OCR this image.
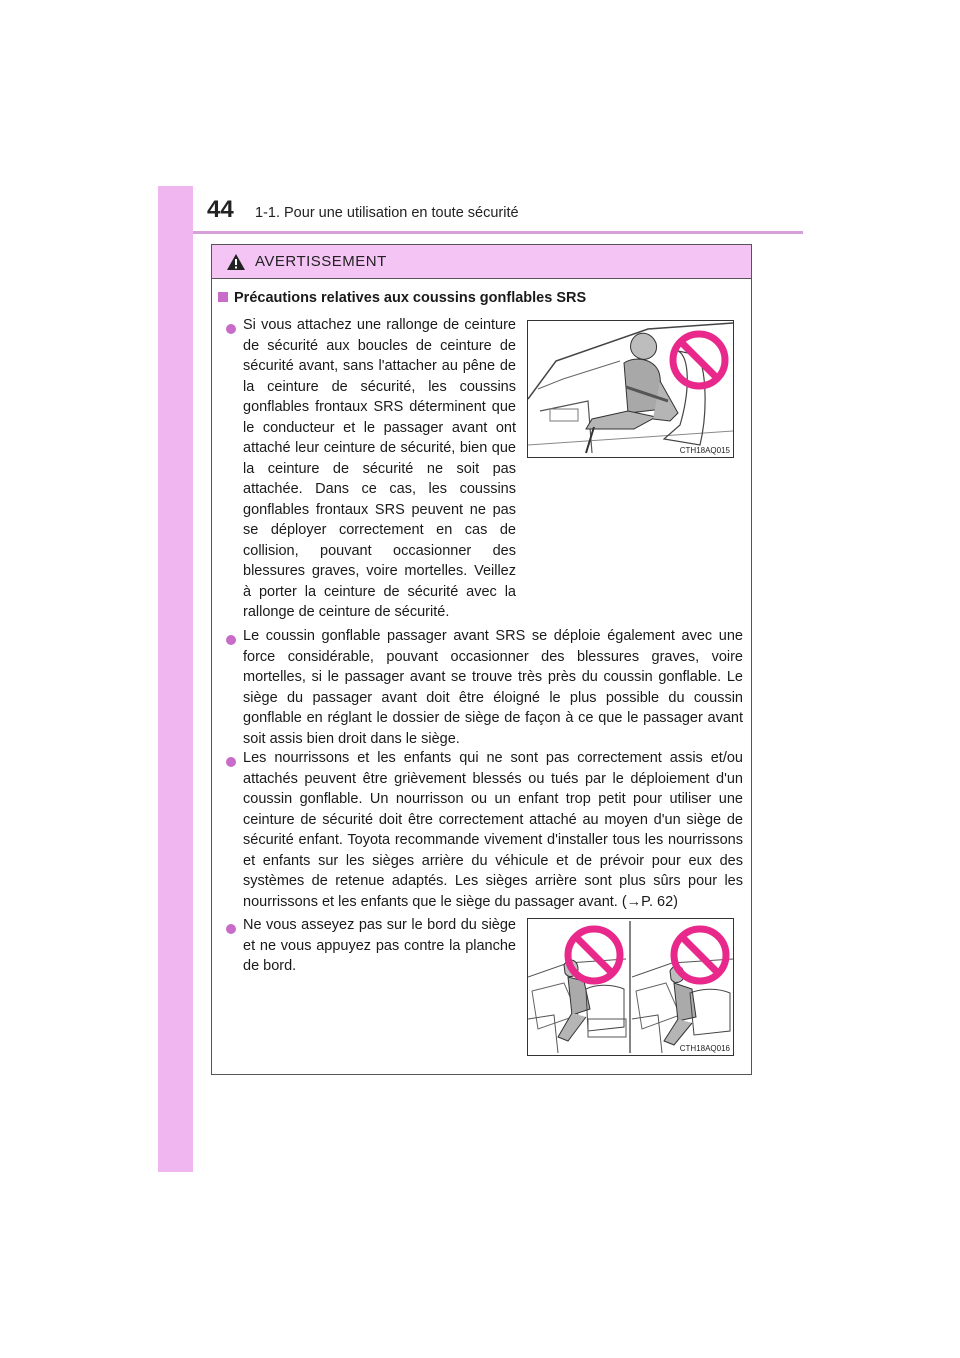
44 1-1. Pour une utilisation en toute sécurité
AVERTISSEMENT
Précautions relatives aux coussins gonflables SRS
Si vous attachez une rallonge de ceinture de sécurité aux boucles de ceinture de sécurité avant, sans l'attacher au pêne de la ceinture de sécurité, les coussins gonflables frontaux SRS déterminent que le conducteur et le passager avant ont attaché leur ceinture de sécurité, bien que la ceinture de sécurité ne soit pas attachée. Dans ce cas, les coussins gonflables frontaux SRS peuvent ne pas se déployer correctement en cas de collision, pouvant occasionner des blessures graves, voire mortelles. Veillez à porter la ceinture de sécurité avec la rallonge de ceinture de sécurité.
CTH18AQ015
Le coussin gonflable passager avant SRS se déploie également avec une force considérable, pouvant occasionner des blessures graves, voire mortelles, si le passager avant se trouve très près du coussin gonflable. Le siège du passager avant doit être éloigné le plus possible du coussin gonflable en réglant le dossier de siège de façon à ce que le passager avant soit assis bien droit dans le siège.
Les nourrissons et les enfants qui ne sont pas correctement assis et/ou attachés peuvent être grièvement blessés ou tués par le déploiement d'un coussin gonflable. Un nourrisson ou un enfant trop petit pour utiliser une ceinture de sécurité doit être correctement attaché au moyen d'un siège de sécurité enfant. Toyota recommande vivement d'installer tous les nourrissons et enfants sur les sièges arrière du véhicule et de prévoir pour eux des systèmes de retenue adaptés. Les sièges arrière sont plus sûrs pour les nourrissons et les enfants que le siège du passager avant. (→P. 62)
Ne vous asseyez pas sur le bord du siège et ne vous appuyez pas contre la planche de bord.
CTH18AQ016
